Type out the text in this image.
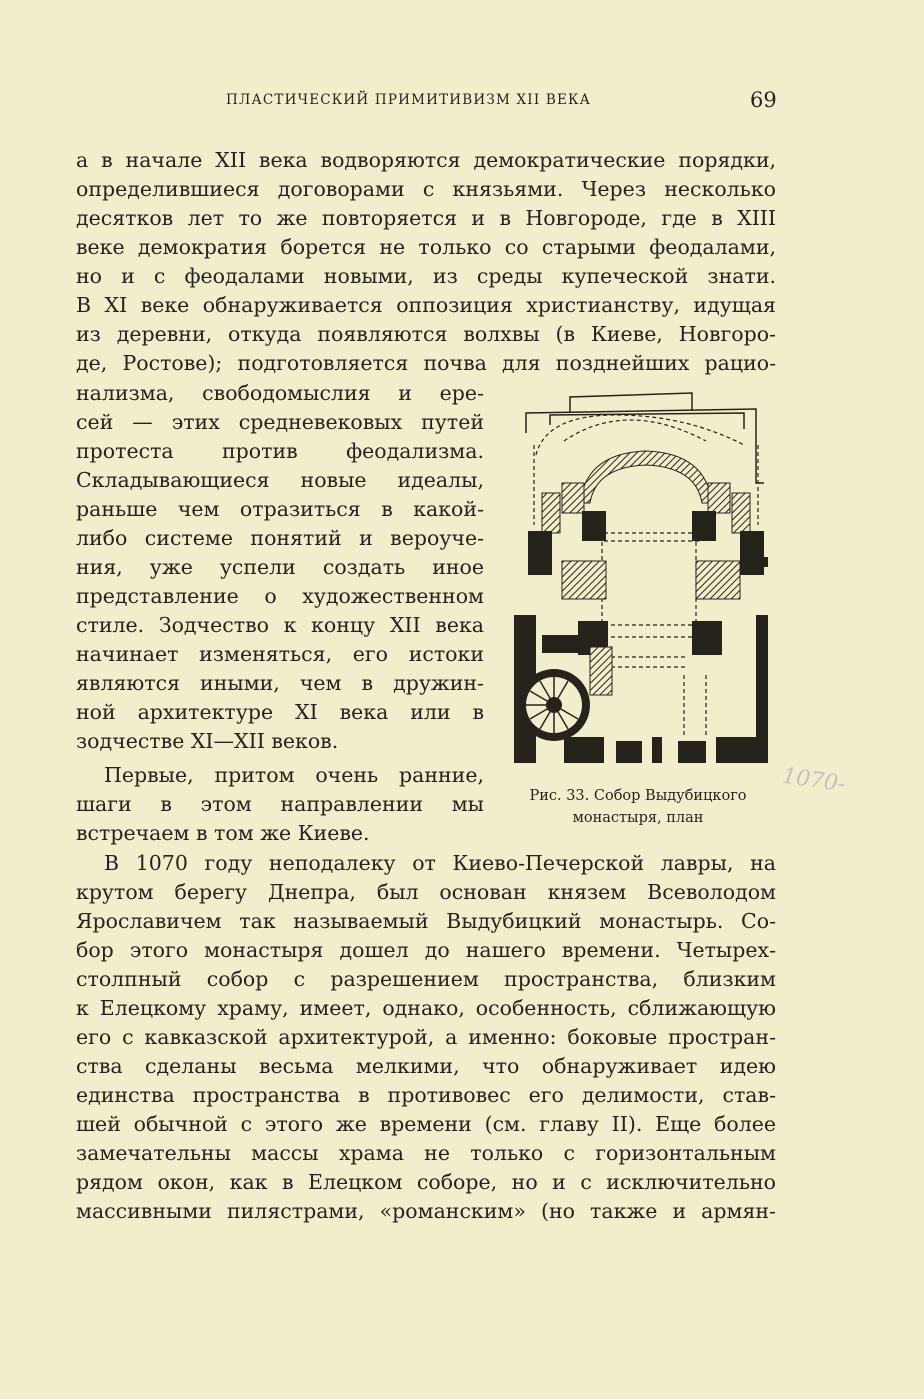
ПЛАСТИЧЕСКИЙ ПРИМИТИВИЗМ XII ВЕКА	69
а в начале XII века водворяются демократические порядки,
определившиеся договорами с князьями. Через несколько
десятков лет то же повторяется и в Новгороде, где в XIII
веке демократия борется не только со старыми феодалами,
но и с феодалами новыми, из среды купеческой знати.
В XI веке обнаруживается оппозиция христианству, идущая
из деревни, откуда появляются волхвы (в Киеве, Новгоро-
де, Ростове); подготовляется почва для позднейших рацио-
нализма, свободомыслия и ере-
сей — этих средневековых путей
протеста против феодализма.
Складывающиеся новые идеалы,
раньше чем отразиться в какой-
либо системе понятий и вероуче-
ния, уже успели создать иное
представление о художественном
стиле. Зодчество к концу XII века
начинает изменяться, его истоки
являются иными, чем в дружин-
ной архитектуре XI века или в
зодчестве XI—XII веков.
Первые, притом очень ранние,
шаги в этом направлении мы
встречаем в том же Киеве.
В 1070 году неподалеку от Киево-Печерской лавры, на
крутом берегу Днепра, был основан князем Всеволодом
Ярославичем так называемый Выдубицкий монастырь. Со-
бор этого монастыря дошел до нашего времени. Четырех-
столпный собор с разрешением пространства, близким
к Елецкому храму, имеет, однако, особенность, сближающую
его с кавказской архитектурой, а именно: боковые простран-
ства сделаны весьма мелкими, что обнаруживает идею
единства пространства в противовес его делимости, став-
шей обычной с этого же времени (см. главу II). Еще более
замечательны массы храма не только с горизонтальным
рядом окон, как в Елецком соборе, но и с исключительно
массивными пилястрами, «романским» (но также и армян-
Рис. 33. Собор Выдубицкого
монастыря, план
1070-
